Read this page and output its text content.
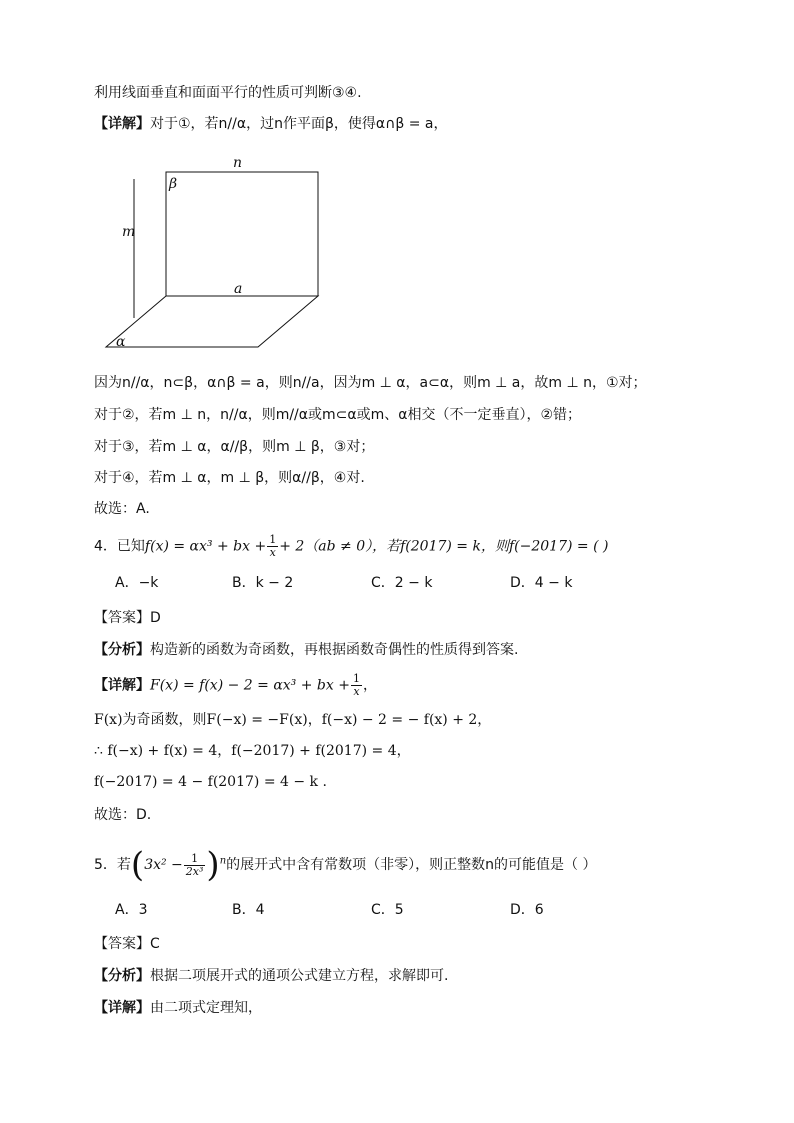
利用线面垂直和面面平行的性质可判断③④.
【详解】对于①，若n//α，过n作平面β，使得α∩β = a，
n
β
m
a
α
因为n//α，n⊂β，α∩β = a，则n//a，因为m ⊥ α，a⊂α，则m ⊥ a，故m ⊥ n，①对；
对于②，若m ⊥ n，n//α，则m//α或m⊂α或m、α相交（不一定垂直），②错；
对于③，若m ⊥ α，α//β，则m ⊥ β，③对；
对于④，若m ⊥ α，m ⊥ β，则α//β，④对.
故选：A.
4．已知f(x) = αx³ + bx + $\frac{1}{x} + 2(ab \ne 0)$，若f(2017) = k，则f(−2017) = ( )
A．−k	B．k − 2	C．2 − k	D．4 − k
【答案】D
【分析】构造新的函数为奇函数，再根据函数奇偶性的性质得到答案.
【详解】F(x) = f(x) − 2 = αx³ + bx + $\frac{1}{x}$ ，
F(x)为奇函数，则F(−x) = −F(x)，f(−x) − 2 = − f(x) + 2，
∴ f(−x) + f(x) = 4，f(−2017) + f(2017) = 4，
f(−2017) = 4 − f(2017) = 4 − k .
故选：D.
5．若$(3x^2 - \frac{1}{\text{2x³}} )^n$的展开式中含有常数项（非零），则正整数n的可能值是（ ）
A．3	B．4	C．5	D．6
【答案】C
【分析】根据二项展开式的通项公式建立方程，求解即可.
【详解】由二项式定理知，
